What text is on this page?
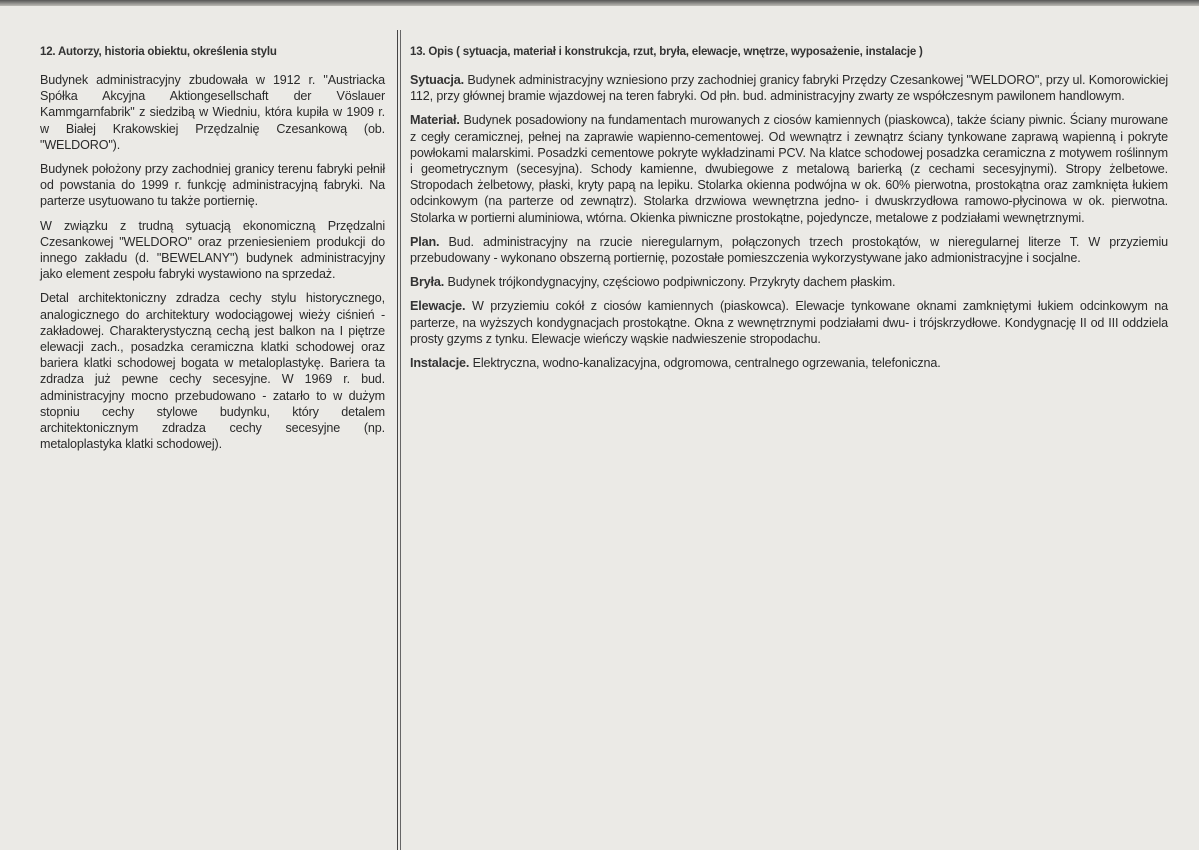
12. Autorzy, historia obiektu, określenia stylu

Budynek administracyjny zbudowała w 1912 r. "Austriacka Spółka Akcyjna Aktiongesellschaft der Vöslauer Kammgarnfabrik" z siedzibą w Wiedniu, która kupiła w 1909 r. w Białej Krakowskiej Przędzalnię Czesankową (ob. "WELDORO").

Budynek położony przy zachodniej granicy terenu fabryki pełnił od powstania do 1999 r. funkcję administracyjną fabryki. Na parterze usytuowano tu także portiernię.

W związku z trudną sytuacją ekonomiczną Przędzalni Czesankowej "WELDORO" oraz przeniesieniem produkcji do innego zakładu (d. "BEWELANY") budynek administracyjny jako element zespołu fabryki wystawiono na sprzedaż.

Detal architektoniczny zdradza cechy stylu historycznego, analogicznego do architektury wodociągowej wieży ciśnień - zakładowej. Charakterystyczną cechą jest balkon na I piętrze elewacji zach., posadzka ceramiczna klatki schodowej oraz bariera klatki schodowej bogata w metaloplastykę. Bariera ta zdradza już pewne cechy secesyjne. W 1969 r. bud. administracyjny mocno przebudowano - zatarło to w dużym stopniu cechy stylowe budynku, który detalem architektonicznym zdradza cechy secesyjne (np. metaloplastyka klatki schodowej).

13. Opis ( sytuacja, materiał i konstrukcja, rzut, bryła, elewacje, wnętrze, wyposażenie, instalacje )

Sytuacja. Budynek administracyjny wzniesiono przy zachodniej granicy fabryki Przędzy Czesankowej "WELDORO", przy ul. Komorowickiej 112, przy głównej bramie wjazdowej na teren fabryki. Od płn. bud. administracyjny zwarty ze współczesnym pawilonem handlowym.

Materiał. Budynek posadowiony na fundamentach murowanych z ciosów kamiennych (piaskowca), także ściany piwnic. Ściany murowane z cegły ceramicznej, pełnej na zaprawie wapienno-cementowej. Od wewnątrz i zewnątrz ściany tynkowane zaprawą wapienną i pokryte powłokami malarskimi. Posadzki cementowe pokryte wykładzinami PCV. Na klatce schodowej posadzka ceramiczna z motywem roślinnym i geometrycznym (secesyjna). Schody kamienne, dwubiegowe z metalową barierką (z cechami secesyjnymi). Stropy żelbetowe. Stropodach żelbetowy, płaski, kryty papą na lepiku. Stolarka okienna podwójna w ok. 60% pierwotna, prostokątna oraz zamknięta łukiem odcinkowym (na parterze od zewnątrz). Stolarka drzwiowa wewnętrzna jedno- i dwuskrzydłowa ramowo-płycinowa w ok. pierwotna. Stolarka w portierni aluminiowa, wtórna. Okienka piwniczne prostokątne, pojedyncze, metalowe z podziałami wewnętrznymi.

Plan. Bud. administracyjny na rzucie nieregularnym, połączonych trzech prostokątów, w nieregularnej literze T. W przyziemiu przebudowany - wykonano obszerną portiernię, pozostałe pomieszczenia wykorzystywane jako admionistracyjne i socjalne.

Bryła. Budynek trójkondygnacyjny, częściowo podpiwniczony. Przykryty dachem płaskim.

Elewacje. W przyziemiu cokół z ciosów kamiennych (piaskowca). Elewacje tynkowane oknami zamkniętymi łukiem odcinkowym na parterze, na wyższych kondygnacjach prostokątne. Okna z wewnętrznymi podziałami dwu- i trójskrzydłowe. Kondygnację II od III oddziela prosty gzyms z tynku. Elewacje wieńczy wąskie nadwieszenie stropodachu.

Instalacje. Elektryczna, wodno-kanalizacyjna, odgromowa, centralnego ogrzewania, telefoniczna.
